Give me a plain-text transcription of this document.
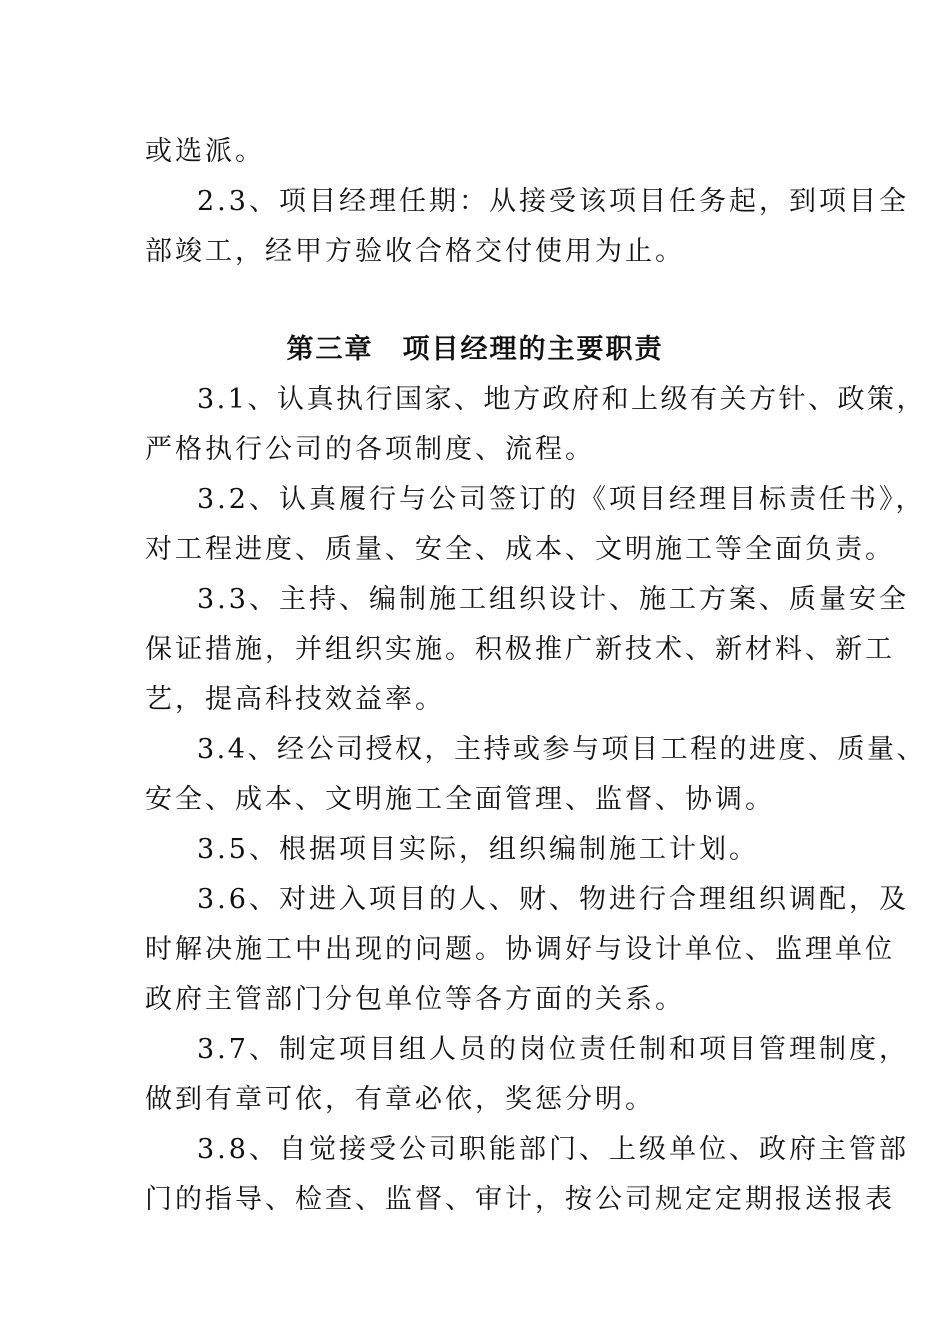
或选派。
2.3、项目经理任期：从接受该项目任务起，到项目全
部竣工，经甲方验收合格交付使用为止。
第三章　项目经理的主要职责
3.1、认真执行国家、地方政府和上级有关方针、政策，
严格执行公司的各项制度、流程。
3.2、认真履行与公司签订的《项目经理目标责任书》，
对工程进度、质量、安全、成本、文明施工等全面负责。
3.3、主持、编制施工组织设计、施工方案、质量安全
保证措施，并组织实施。积极推广新技术、新材料、新工
艺，提高科技效益率。
3.4、经公司授权，主持或参与项目工程的进度、质量、
安全、成本、文明施工全面管理、监督、协调。
3.5、根据项目实际，组织编制施工计划。
3.6、对进入项目的人、财、物进行合理组织调配，及
时解决施工中出现的问题。协调好与设计单位、监理单位
政府主管部门分包单位等各方面的关系。
3.7、制定项目组人员的岗位责任制和项目管理制度，
做到有章可依，有章必依，奖惩分明。
3.8、自觉接受公司职能部门、上级单位、政府主管部
门的指导、检查、监督、审计，按公司规定定期报送报表
